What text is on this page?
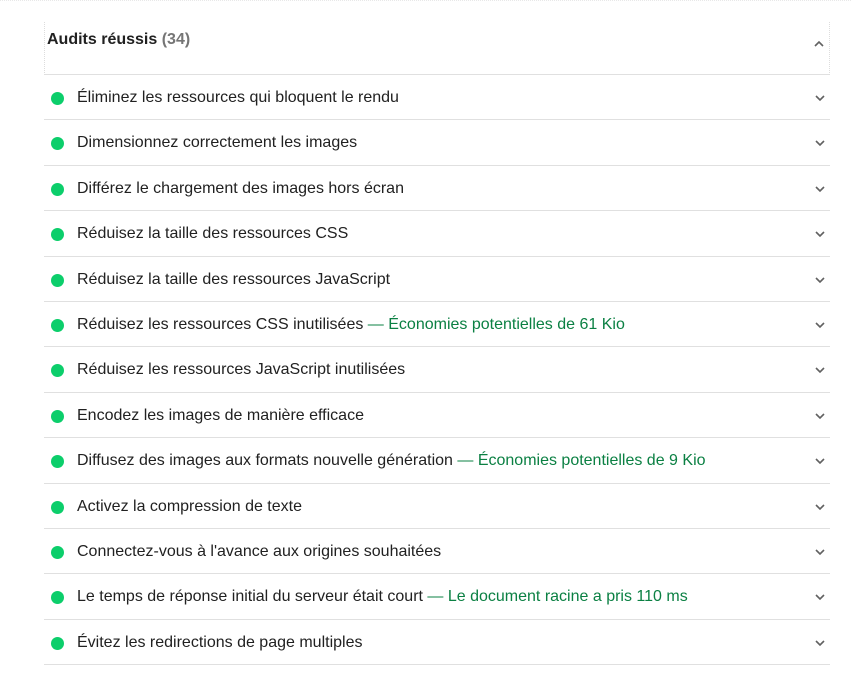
Audits réussis (34)
Éliminez les ressources qui bloquent le rendu
Dimensionnez correctement les images
Différez le chargement des images hors écran
Réduisez la taille des ressources CSS
Réduisez la taille des ressources JavaScript
Réduisez les ressources CSS inutilisées — Économies potentielles de 61 Kio
Réduisez les ressources JavaScript inutilisées
Encodez les images de manière efficace
Diffusez des images aux formats nouvelle génération — Économies potentielles de 9 Kio
Activez la compression de texte
Connectez-vous à l'avance aux origines souhaitées
Le temps de réponse initial du serveur était court — Le document racine a pris 110 ms
Évitez les redirections de page multiples
